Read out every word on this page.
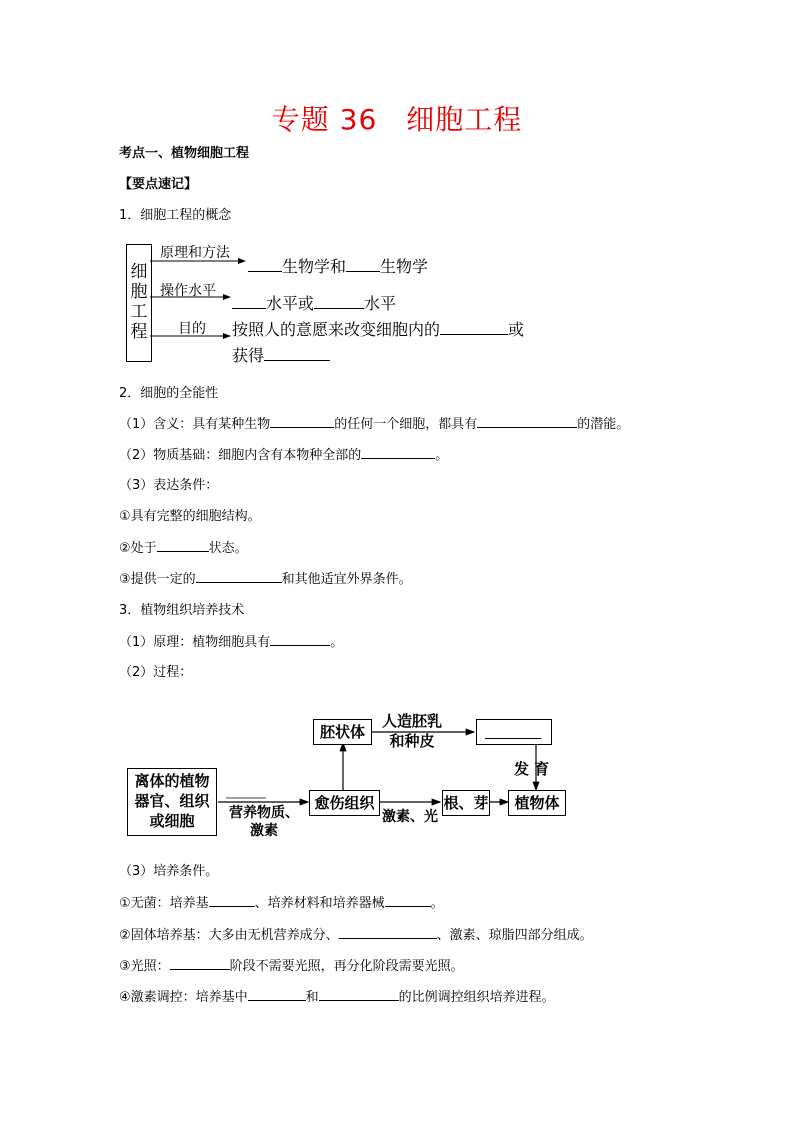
专题 36　细胞工程
考点一、植物细胞工程
【要点速记】
1．细胞工程的概念
细
胞
工
程
原理和方法
操作水平
目的
生物学和 生物学
水平或	水平
按照人的意愿来改变细胞内的	或
获得
2．细胞的全能性
（1）含义：具有某种生物	的任何一个细胞，都具有	的潜能。
（2）物质基础：细胞内含有本物种全部的	。
（3）表达条件：
①具有完整的细胞结构。
②处于	状态。
③提供一定的	和其他适宜外界条件。
3．植物组织培养技术
（1）原理：植物细胞具有	。
（2）过程：
离体的植物
器官、组织
或细胞	营养物质、
激素
愈伤组织
胚状体
人造胚乳
和种皮
发 育
激素、光
根、芽	植物体
（3）培养条件。
①无菌：培养基	、培养材料和培养器械	。
②固体培养基：大多由无机营养成分、	、激素、琼脂四部分组成。
③光照：	阶段不需要光照，再分化阶段需要光照。
④激素调控：培养基中	和	的比例调控组织培养进程。
